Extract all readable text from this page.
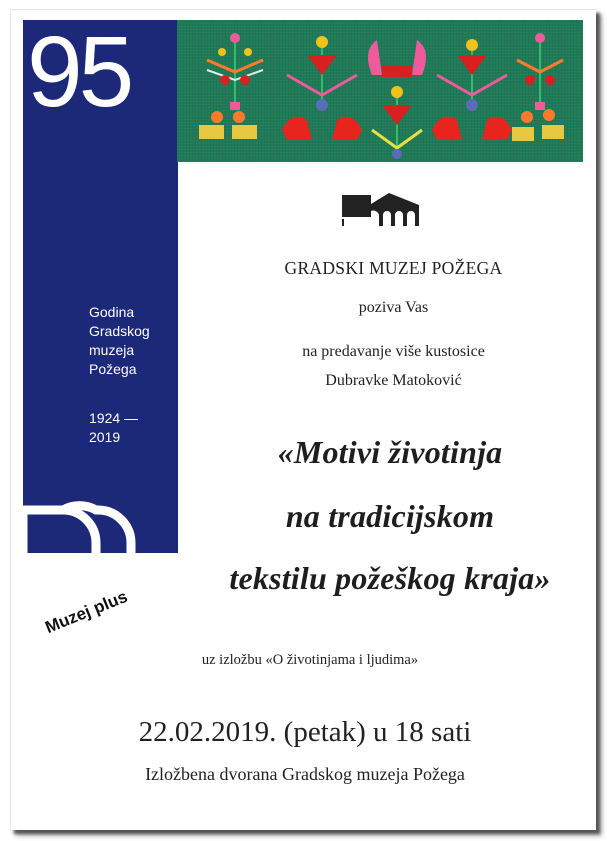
95
Godina
Gradskog
muzeja
Požega
1924 —
2019
GRADSKI MUZEJ POŽEGA
poziva Vas
na predavanje više kustosice
Dubravke Matoković
«Motivi životinja
na tradicijskom
tekstilu požeškog kraja»
Muzej plus
uz izložbu «O životinjama i ljudima»
22.02.2019. (petak) u 18 sati
Izložbena dvorana Gradskog muzeja Požega
